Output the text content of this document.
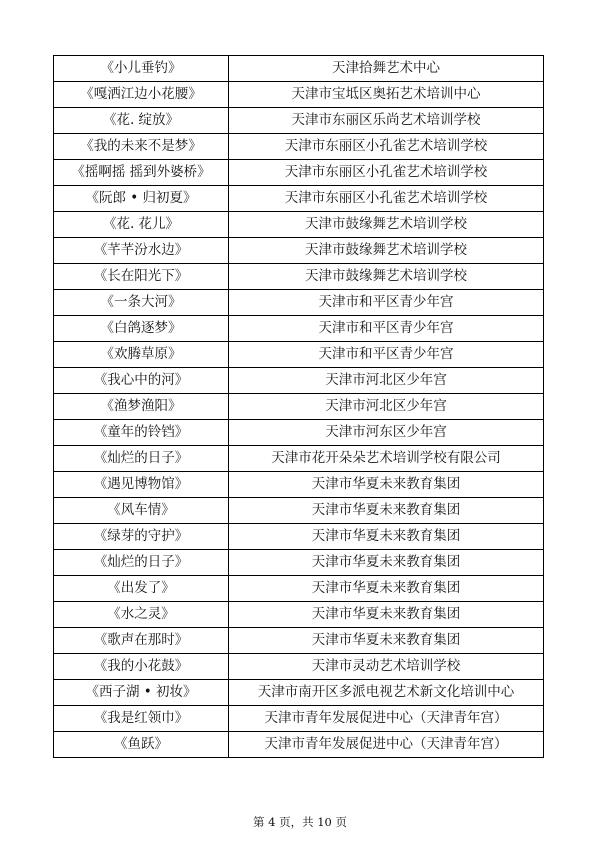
《小儿垂钓》	天津拾舞艺术中心
《嘎洒江边小花腰》	天津市宝坻区奥拓艺术培训中心
《花. 绽放》	天津市东丽区乐尚艺术培训学校
《我的未来不是梦》	天津市东丽区小孔雀艺术培训学校
《摇啊摇 摇到外婆桥》	天津市东丽区小孔雀艺术培训学校
《阮郎 • 归初夏》	天津市东丽区小孔雀艺术培训学校
《花. 花儿》	天津市鼓缘舞艺术培训学校
《芊芊汾水边》	天津市鼓缘舞艺术培训学校
《长在阳光下》	天津市鼓缘舞艺术培训学校
《一条大河》	天津市和平区青少年宫
《白鸽逐梦》	天津市和平区青少年宫
《欢腾草原》	天津市和平区青少年宫
《我心中的河》	天津市河北区少年宫
《渔梦渔阳》	天津市河北区少年宫
《童年的铃铛》	天津市河东区少年宫
《灿烂的日子》	天津市花开朵朵艺术培训学校有限公司
《遇见博物馆》	天津市华夏未来教育集团
《风车情》	天津市华夏未来教育集团
《绿芽的守护》	天津市华夏未来教育集团
《灿烂的日子》	天津市华夏未来教育集团
《出发了》	天津市华夏未来教育集团
《水之灵》	天津市华夏未来教育集团
《歌声在那时》	天津市华夏未来教育集团
《我的小花鼓》	天津市灵动艺术培训学校
《西子湖 • 初妆》	天津市南开区多派电视艺术新文化培训中心
《我是红领巾》	天津市青年发展促进中心（天津青年宫）
《鱼跃》	天津市青年发展促进中心（天津青年宫）
第 4 页，共 10 页
